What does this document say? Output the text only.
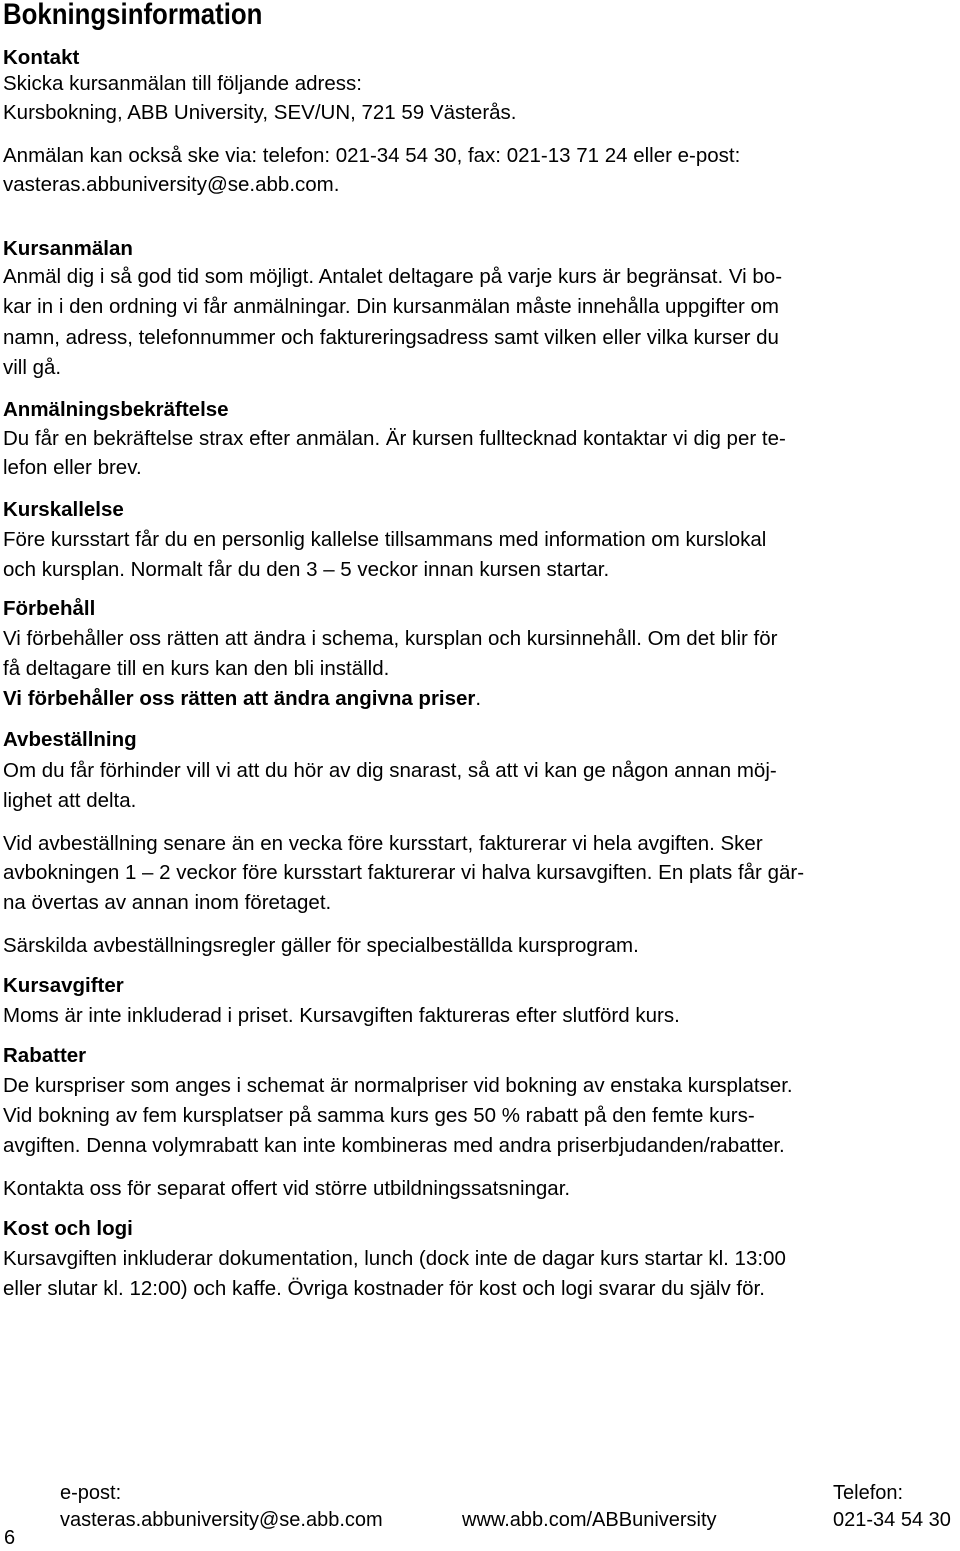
Bokningsinformation

Kontakt

Skicka kursanmälan till följande adress:

Kursbokning, ABB University, SEV/UN, 721 59 Västerås.

Anmälan kan också ske via: telefon: 021-34 54 30, fax: 021-13 71 24 eller e-post:

vasteras.abbuniversity@se.abb.com.

Kursanmälan

Anmäl dig i så god tid som möjligt. Antalet deltagare på varje kurs är begränsat. Vi bo-

kar in i den ordning vi får anmälningar. Din kursanmälan måste innehålla uppgifter om

namn, adress, telefonnummer och faktureringsadress samt vilken eller vilka kurser du

vill gå.

Anmälningsbekräftelse

Du får en bekräftelse strax efter anmälan. Är kursen fulltecknad kontaktar vi dig per te-

lefon eller brev.

Kurskallelse

Före kursstart får du en personlig kallelse tillsammans med information om kurslokal

och kursplan. Normalt får du den 3 – 5 veckor innan kursen startar.

Förbehåll

Vi förbehåller oss rätten att ändra i schema, kursplan och kursinnehåll. Om det blir för

få deltagare till en kurs kan den bli inställd.

Vi förbehåller oss rätten att ändra angivna priser.

Avbeställning

Om du får förhinder vill vi att du hör av dig snarast, så att vi kan ge någon annan möj-

lighet att delta.

Vid avbeställning senare än en vecka före kursstart, fakturerar vi hela avgiften. Sker

avbokningen 1 – 2 veckor före kursstart fakturerar vi halva kursavgiften. En plats får gär-

na övertas av annan inom företaget.

Särskilda avbeställningsregler gäller för specialbeställda kursprogram.

Kursavgifter

Moms är inte inkluderad i priset. Kursavgiften faktureras efter slutförd kurs.

Rabatter

De kurspriser som anges i schemat är normalpriser vid bokning av enstaka kursplatser.

Vid bokning av fem kursplatser på samma kurs ges 50 % rabatt på den femte kurs-

avgiften. Denna volymrabatt kan inte kombineras med andra priserbjudanden/rabatter.

Kontakta oss för separat offert vid större utbildningssatsningar.

Kost och logi

Kursavgiften inkluderar dokumentation, lunch (dock inte de dagar kurs startar kl. 13:00

eller slutar kl. 12:00) och kaffe. Övriga kostnader för kost och logi svarar du själv för.

6
e-post:
vasteras.abbuniversity@se.abb.com	www.abb.com/ABBuniversity
Telefon:
021-34 54 30
